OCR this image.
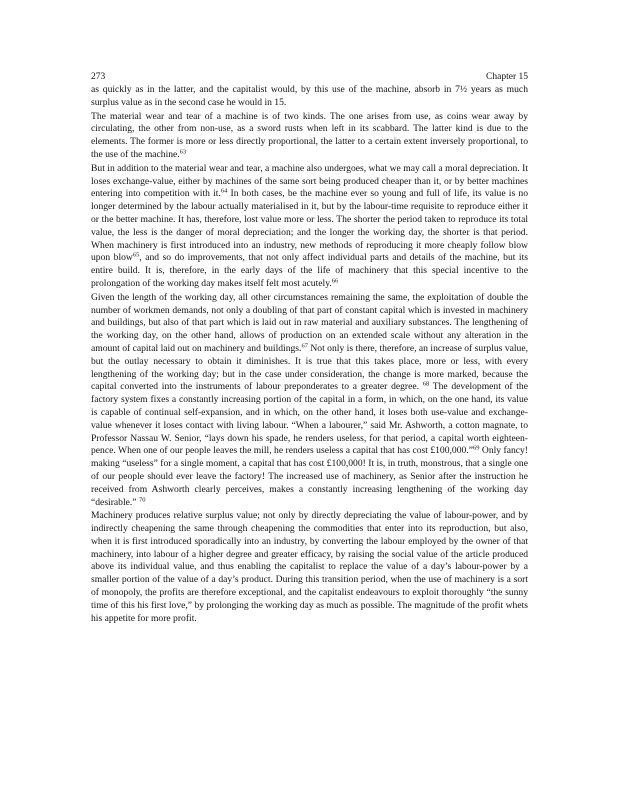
273	Chapter 15

as quickly as in the latter, and the capitalist would, by this use of the machine, absorb in 7½ years as much surplus value as in the second case he would in 15.

The material wear and tear of a machine is of two kinds. The one arises from use, as coins wear away by circulating, the other from non-use, as a sword rusts when left in its scabbard. The latter kind is due to the elements. The former is more or less directly proportional, the latter to a certain extent inversely proportional, to the use of the machine.$^{63}$

But in addition to the material wear and tear, a machine also undergoes, what we may call a moral depreciation. It loses exchange-value, either by machines of the same sort being produced cheaper than it, or by better machines entering into competition with it.$^{64}$ In both cases, be the machine ever so young and full of life, its value is no longer determined by the labour actually materialised in it, but by the labour-time requisite to reproduce either it or the better machine. It has, therefore, lost value more or less. The shorter the period taken to reproduce its total value, the less is the danger of moral depreciation; and the longer the working day, the shorter is that period. When machinery is first introduced into an industry, new methods of reproducing it more cheaply follow blow upon blow$^{65}$, and so do improvements, that not only affect individual parts and details of the machine, but its entire build. It is, therefore, in the early days of the life of machinery that this special incentive to the prolongation of the working day makes itself felt most acutely.$^{66}$

Given the length of the working day, all other circumstances remaining the same, the exploitation of double the number of workmen demands, not only a doubling of that part of constant capital which is invested in machinery and buildings, but also of that part which is laid out in raw material and auxiliary substances. The lengthening of the working day, on the other hand, allows of production on an extended scale without any alteration in the amount of capital laid out on machinery and buildings.$^{67}$ Not only is there, therefore, an increase of surplus value, but the outlay necessary to obtain it diminishes. It is true that this takes place, more or less, with every lengthening of the working day; but in the case under consideration, the change is more marked, because the capital converted into the instruments of labour preponderates to a greater degree. $^{68}$ The development of the factory system fixes a constantly increasing portion of the capital in a form, in which, on the one hand, its value is capable of continual self-expansion, and in which, on the other hand, it loses both use-value and exchange-value whenever it loses contact with living labour. “When a labourer,” said Mr. Ashworth, a cotton magnate, to Professor Nassau W. Senior, “lays down his spade, he renders useless, for that period, a capital worth eighteen-pence. When one of our people leaves the mill, he renders useless a capital that has cost £100,000.”$^{69}$ Only fancy! making “useless” for a single moment, a capital that has cost £100,000! It is, in truth, monstrous, that a single one of our people should ever leave the factory! The increased use of machinery, as Senior after the instruction he received from Ashworth clearly perceives, makes a constantly increasing lengthening of the working day “desirable.” $^{70}$

Machinery produces relative surplus value; not only by directly depreciating the value of labour-power, and by indirectly cheapening the same through cheapening the commodities that enter into its reproduction, but also, when it is first introduced sporadically into an industry, by converting the labour employed by the owner of that machinery, into labour of a higher degree and greater efficacy, by raising the social value of the article produced above its individual value, and thus enabling the capitalist to replace the value of a day’s labour-power by a smaller portion of the value of a day’s product. During this transition period, when the use of machinery is a sort of monopoly, the profits are therefore exceptional, and the capitalist endeavours to exploit thoroughly “the sunny time of this his first love,” by prolonging the working day as much as possible. The magnitude of the profit whets his appetite for more profit.
